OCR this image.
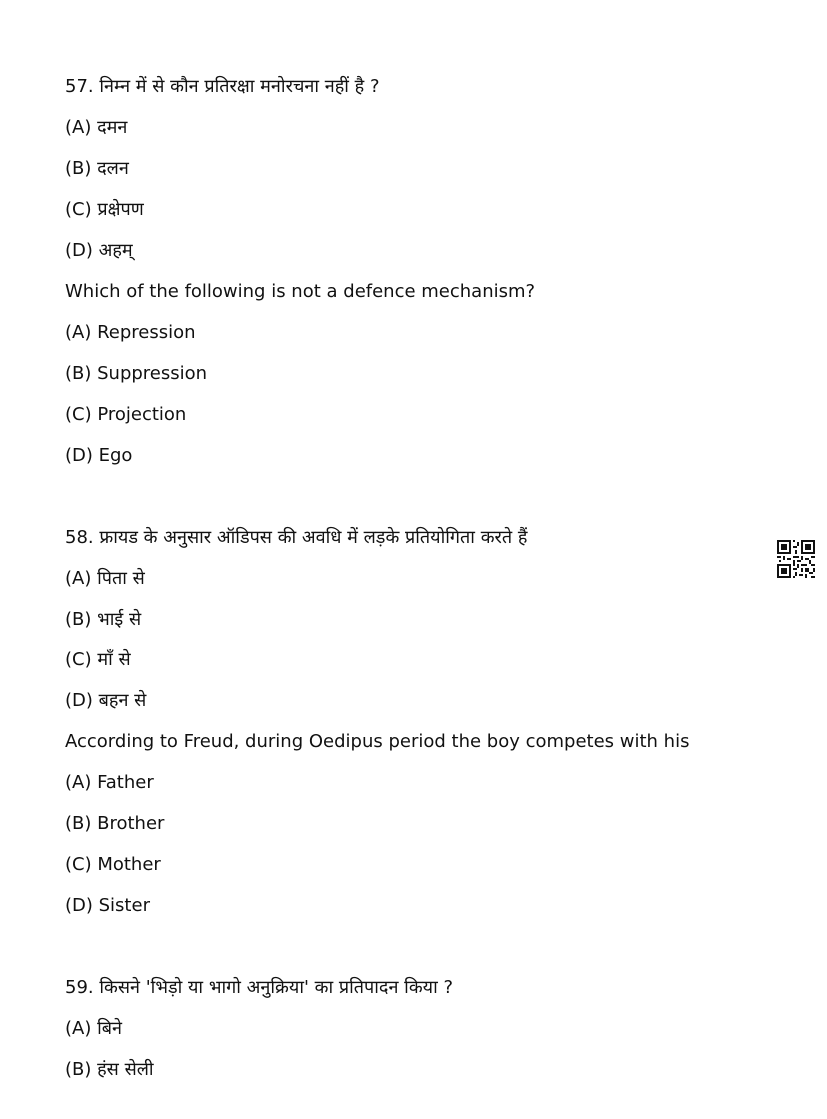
57. निम्न में से कौन प्रतिरक्षा मनोरचना नहीं है ?

(A) दमन

(B) दलन

(C) प्रक्षेपण

(D) अहम्

Which of the following is not a defence mechanism?

(A) Repression

(B) Suppression

(C) Projection

(D) Ego

58. फ्रायड के अनुसार ऑडिपस की अवधि में लड़के प्रतियोगिता करते हैं

(A) पिता से

(B) भाई से

(C) माँ से

(D) बहन से

According to Freud, during Oedipus period the boy competes with his

(A) Father

(B) Brother

(C) Mother

(D) Sister

59. किसने 'भिड़ो या भागो अनुक्रिया' का प्रतिपादन किया ?

(A) बिने

(B) हंस सेली
